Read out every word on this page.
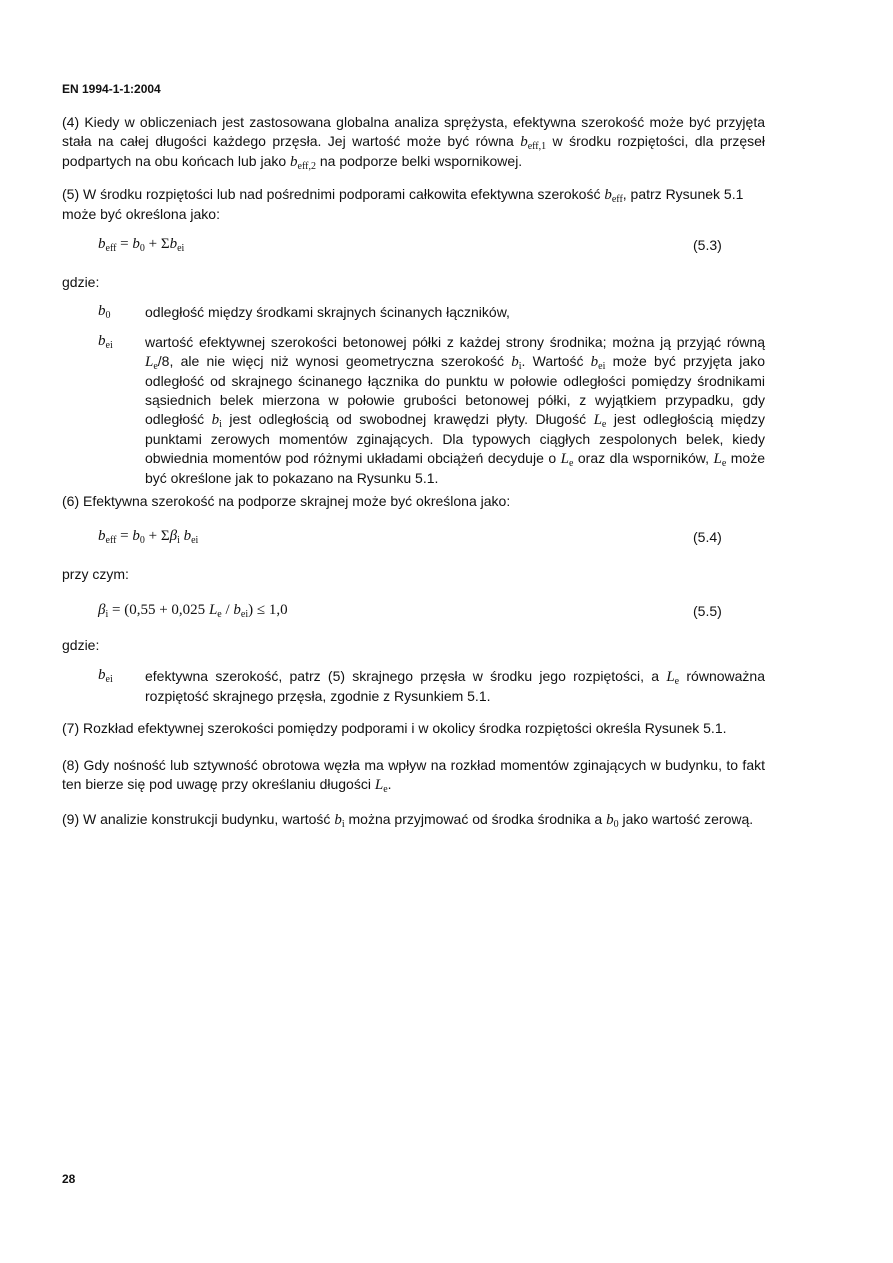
EN 1994-1-1:2004
(4) Kiedy w obliczeniach jest zastosowana globalna analiza sprężysta, efektywna szerokość może być przyjęta stała na całej długości każdego przęsła. Jej wartość może być równa $b_{eff,1}$ w środku rozpiętości, dla przęseł podpartych na obu końcach lub jako $b_{eff,2}$ na podporze belki wspornikowej.
(5) W środku rozpiętości lub nad pośrednimi podporami całkowita efektywna szerokość $b_{eff}$, patrz Rysunek 5.1 może być określona jako:
$b_{eff} = b_0 + \Sigma b_{ei}$	(5.3)
gdzie:
$b_0$ odległość między środkami skrajnych ścinanych łączników,
$b_{ei}$ wartość efektywnej szerokości betonowej półki z każdej strony środnika; można ją przyjąć równą $L_e/8$, ale nie więcj niż wynosi geometryczna szerokość $b_i$. Wartość $b_{ei}$ może być przyjęta jako odległość od skrajnego ścinanego łącznika do punktu w połowie odległości pomiędzy środnikami sąsiednich belek mierzona w połowie grubości betonowej półki, z wyjątkiem przypadku, gdy odległość $b_i$ jest odległością od swobodnej krawędzi płyty. Długość $L_e$ jest odległością między punktami zerowych momentów zginających. Dla typowych ciągłych zespolonych belek, kiedy obwiednia momentów pod różnymi układami obciążeń decyduje o $L_e$ oraz dla wsporników, $L_e$ może być określone jak to pokazano na Rysunku 5.1.
(6) Efektywna szerokość na podporze skrajnej może być określona jako:
$b_{eff} = b_0 + \Sigma\beta_i$ $b_{ei}$	(5.4)
przy czym:
$\beta_i = (0,55 + 0,025$ $L_e / b_{ei}) \le 1,0$	(5.5)
gdzie:
$b_{ei}$ efektywna szerokość, patrz (5) skrajnego przęsła w środku jego rozpiętości, a $L_e$ równoważna rozpiętość skrajnego przęsła, zgodnie z Rysunkiem 5.1.
(7) Rozkład efektywnej szerokości pomiędzy podporami i w okolicy środka rozpiętości określa Rysunek 5.1.
(8) Gdy nośność lub sztywność obrotowa węzła ma wpływ na rozkład momentów zginających w budynku, to fakt ten bierze się pod uwagę przy określaniu długości $L_e$.
(9) W analizie konstrukcji budynku, wartość $b_i$ można przyjmować od środka środnika a $b_0$ jako wartość zerową.
28
